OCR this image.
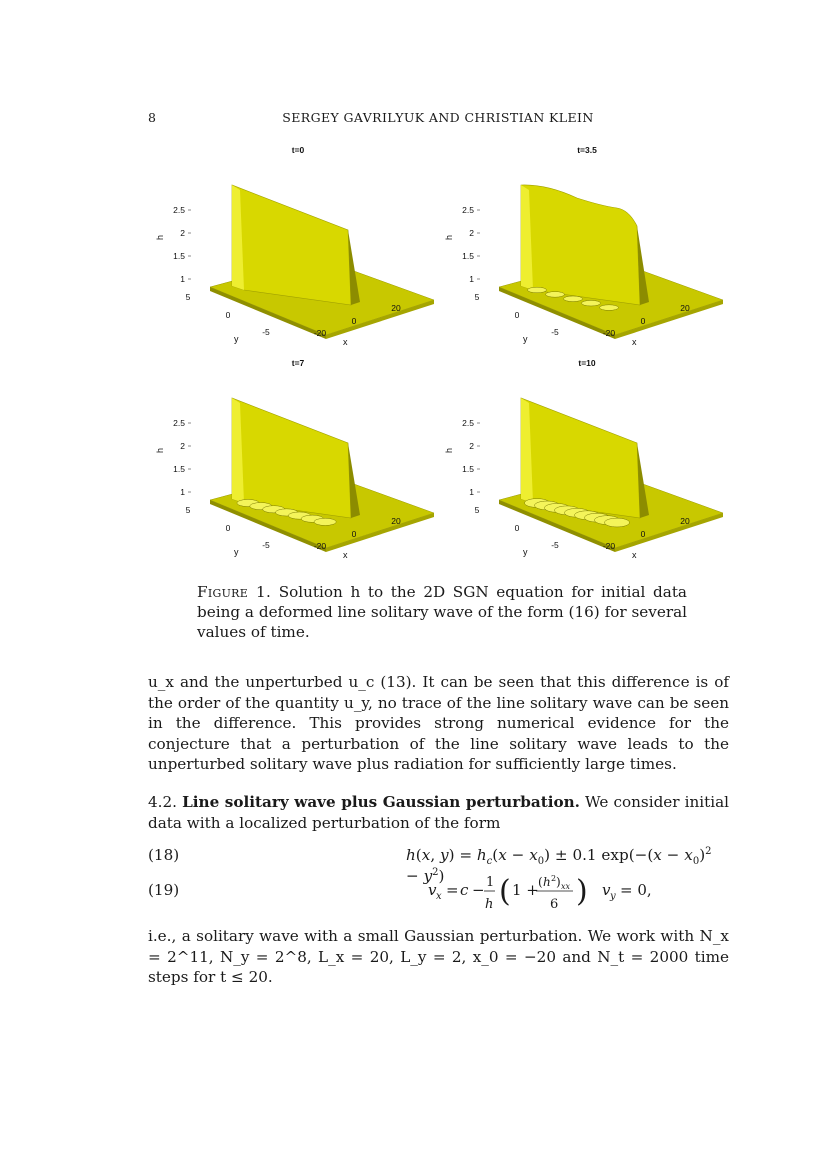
8	SERGEY GAVRILYUK AND CHRISTIAN KLEIN
t=0
2.5
2
1.5
1
h
5
0
-5
y
-20
0
20
x
t=3.5
2.5
2
1.5
1
h
5
0
-5
y
-20
0
20
x
t=7
2.5
2
1.5
1
h
5
0
-5
y
-20
0
20
x
t=10
2.5
2
1.5
1
h
5
0
-5
y
-20
0
20
x
Figure 1. Solution h to the 2D SGN equation for initial data being a deformed line solitary wave of the form (16) for several values of time.
u_x and the unperturbed u_c (13). It can be seen that this difference is of the order of the quantity u_y, no trace of the line solitary wave can be seen in the difference. This provides strong numerical evidence for the conjecture that a perturbation of the line solitary wave leads to the unperturbed solitary wave plus radiation for sufficiently large times.
4.2. Line solitary wave plus Gaussian perturbation. We consider initial data with a localized perturbation of the form
(18)	h(x, $y) = h_c(x - x_0) \pm 0.1$ $\exp(-(x - x_0)^2 - y^2)$
(19)	v x = c − 1
h ( 1 + ( h 2 ) xx
6 ) v y = 0,
i.e., a solitary wave with a small Gaussian perturbation. We work with N_x = 2^11, N_y = 2^8, L_x = 20, L_y = 2, x_0 = −20 and N_t = 2000 time steps for t ≤ 20.
